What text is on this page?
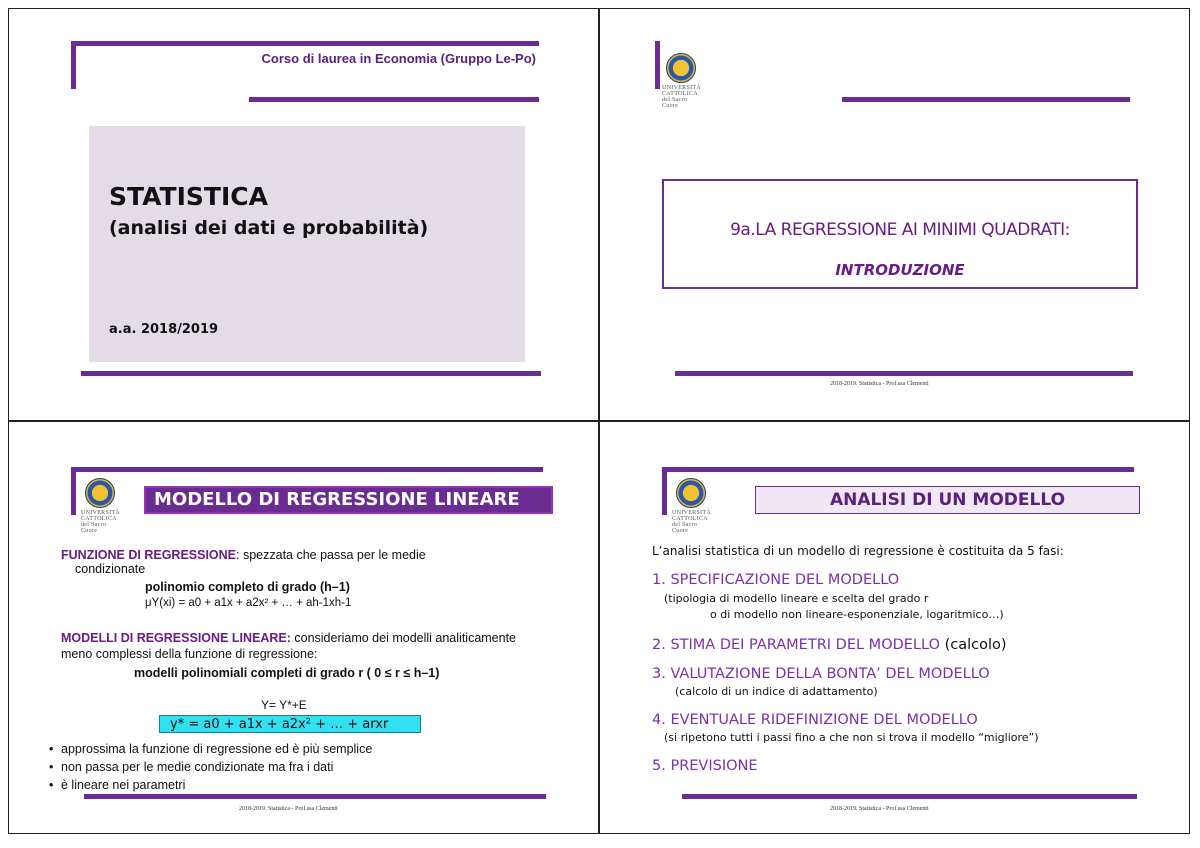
Corso di laurea in Economia (Gruppo Le-Po)
STATISTICA
(analisi dei dati e probabilità)
a.a. 2018/2019
UNIVERSITÀ CATTOLICA del Sacro Cuore
9a.LA REGRESSIONE AI MINIMI QUADRATI:
INTRODUZIONE
2018-2019. Statistica - Prof.ssa Clementi
UNIVERSITÀ CATTOLICA del Sacro Cuore
MODELLO DI REGRESSIONE LINEARE
FUNZIONE DI REGRESSIONE: spezzata che passa per le medie
condizionate
polinomio completo di grado (h–1)
μY(xi) = a0 + a1x + a2x² + … + ah-1xh-1
MODELLI DI REGRESSIONE LINEARE: consideriamo dei modelli analiticamente
meno complessi della funzione di regressione:
modelli polinomiali completi di grado r ( 0 ≤ r ≤ h–1)
Y= Y*+E
y* = a0 + a1x + a2x² + … + arxr
• approssima la funzione di regressione ed è più semplice
• non passa per le medie condizionate ma fra i dati
• è lineare nei parametri
2018-2019. Statistica - Prof.ssa Clementi
UNIVERSITÀ CATTOLICA del Sacro Cuore
ANALISI DI UN MODELLO
L’analisi statistica di un modello di regressione è costituita da 5 fasi:
1. SPECIFICAZIONE DEL MODELLO
(tipologia di modello lineare e scelta del grado r
o di modello non lineare-esponenziale, logaritmico…)
2. STIMA DEI PARAMETRI DEL MODELLO (calcolo)
3. VALUTAZIONE DELLA BONTA’ DEL MODELLO
(calcolo di un indice di adattamento)
4. EVENTUALE RIDEFINIZIONE DEL MODELLO
(si ripetono tutti i passi fino a che non si trova il modello “migliore”)
5. PREVISIONE
2018-2019. Statistica - Prof.ssa Clementi
